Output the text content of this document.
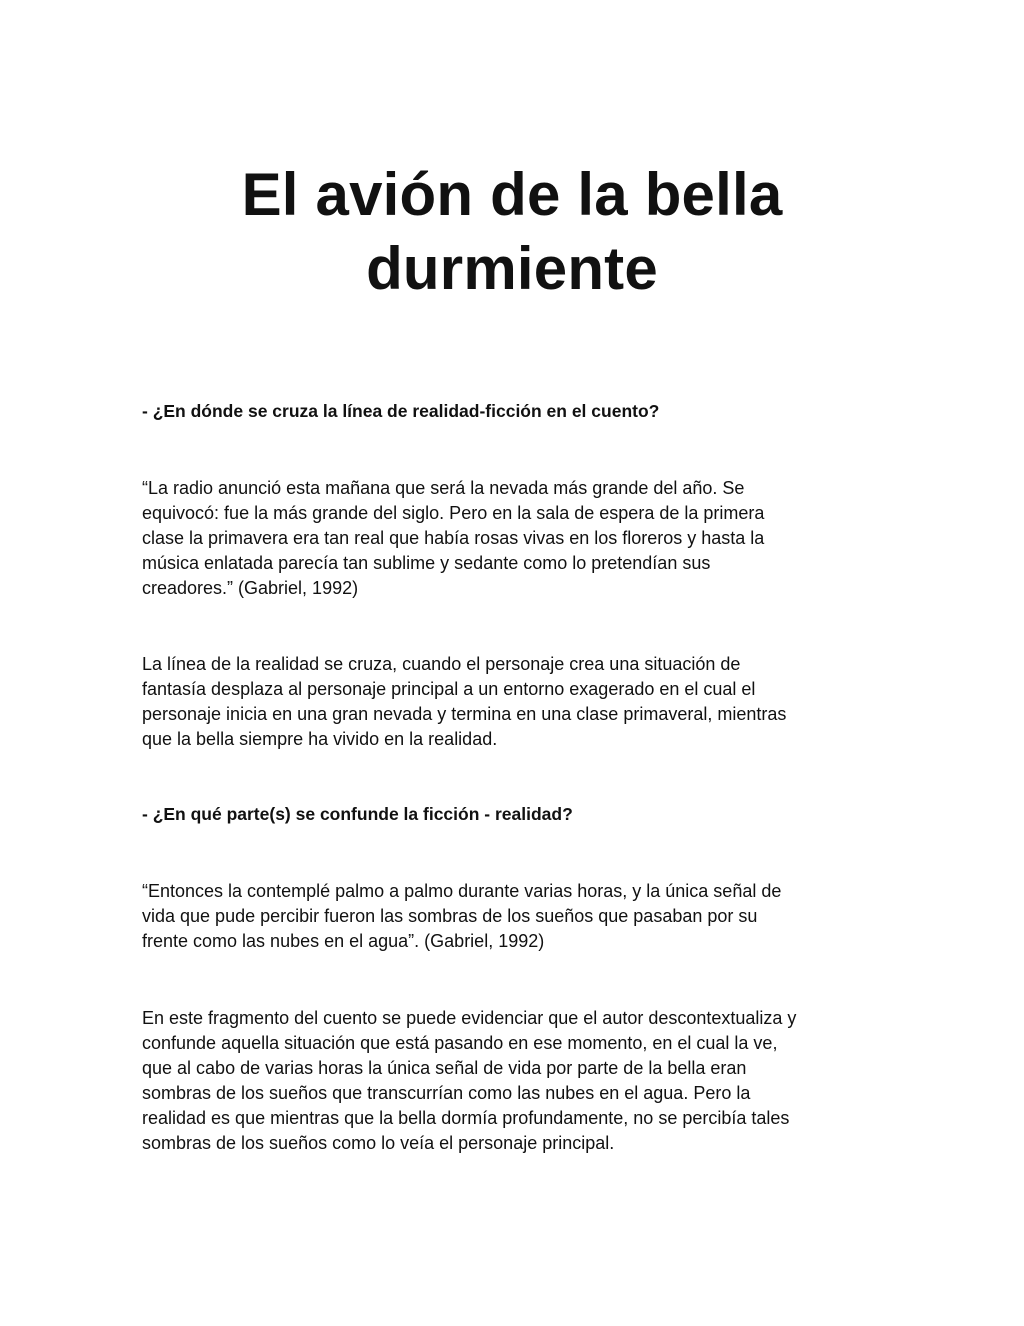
El avión de la bella
durmiente

- ¿En dónde se cruza la línea de realidad-ficción en el cuento?

“La radio anunció esta mañana que será la nevada más grande del año. Se
equivocó: fue la más grande del siglo. Pero en la sala de espera de la primera
clase la primavera era tan real que había rosas vivas en los floreros y hasta la
música enlatada parecía tan sublime y sedante como lo pretendían sus
creadores.” (Gabriel, 1992)

La línea de la realidad se cruza, cuando el personaje crea una situación de
fantasía desplaza al personaje principal a un entorno exagerado en el cual el
personaje inicia en una gran nevada y termina en una clase primaveral, mientras
que la bella siempre ha vivido en la realidad.

- ¿En qué parte(s) se confunde la ficción - realidad?

“Entonces la contemplé palmo a palmo durante varias horas, y la única señal de
vida que pude percibir fueron las sombras de los sueños que pasaban por su
frente como las nubes en el agua”. (Gabriel, 1992)

En este fragmento del cuento se puede evidenciar que el autor descontextualiza y
confunde aquella situación que está pasando en ese momento, en el cual la ve,
que al cabo de varias horas la única señal de vida por parte de la bella eran
sombras de los sueños que transcurrían como las nubes en el agua. Pero la
realidad es que mientras que la bella dormía profundamente, no se percibía tales
sombras de los sueños como lo veía el personaje principal.
